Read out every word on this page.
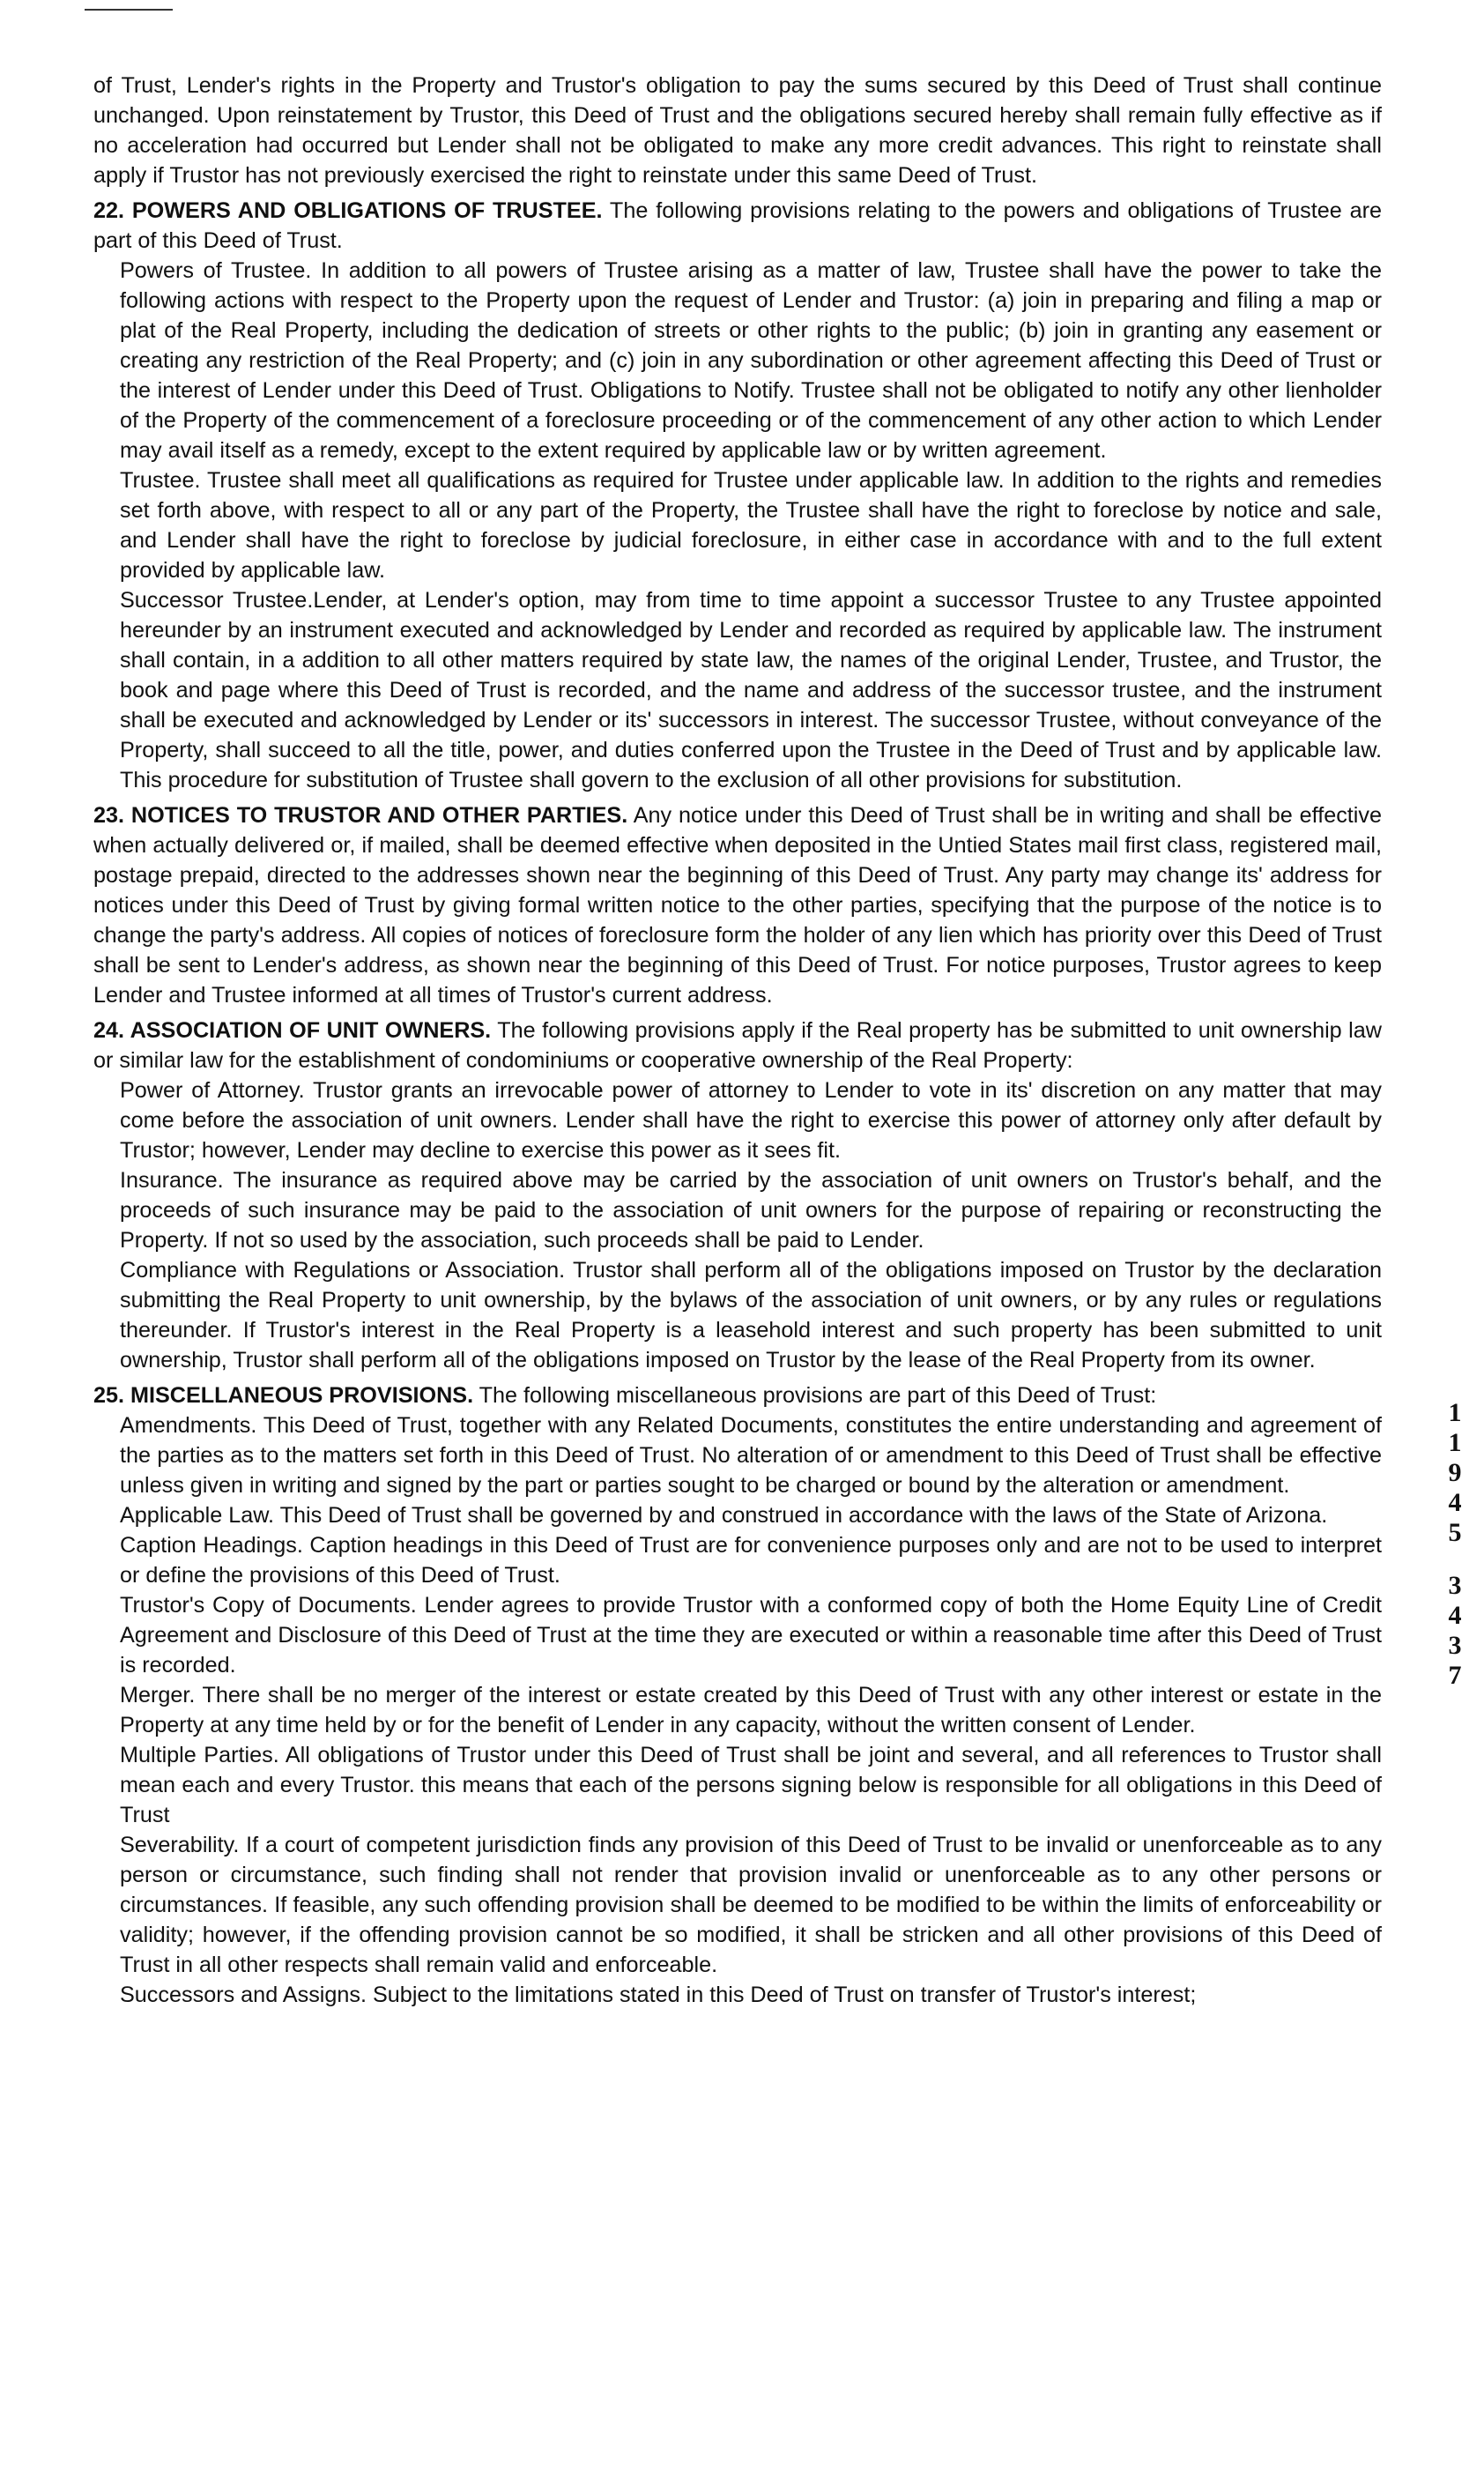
of Trust, Lender's rights in the Property and Trustor's obligation to pay the sums secured by this Deed of Trust shall continue unchanged. Upon reinstatement by Trustor, this Deed of Trust and the obligations secured hereby shall remain fully effective as if no acceleration had occurred but Lender shall not be obligated to make any more credit advances. This right to reinstate shall apply if Trustor has not previously exercised the right to reinstate under this same Deed of Trust.

22. POWERS AND OBLIGATIONS OF TRUSTEE. The following provisions relating to the powers and obligations of Trustee are part of this Deed of Trust.

Powers of Trustee. In addition to all powers of Trustee arising as a matter of law, Trustee shall have the power to take the following actions with respect to the Property upon the request of Lender and Trustor: (a) join in preparing and filing a map or plat of the Real Property, including the dedication of streets or other rights to the public; (b) join in granting any easement or creating any restriction of the Real Property; and (c) join in any subordination or other agreement affecting this Deed of Trust or the interest of Lender under this Deed of Trust. Obligations to Notify. Trustee shall not be obligated to notify any other lienholder of the Property of the commencement of a foreclosure proceeding or of the commencement of any other action to which Lender may avail itself as a remedy, except to the extent required by applicable law or by written agreement.

Trustee. Trustee shall meet all qualifications as required for Trustee under applicable law. In addition to the rights and remedies set forth above, with respect to all or any part of the Property, the Trustee shall have the right to foreclose by notice and sale, and Lender shall have the right to foreclose by judicial foreclosure, in either case in accordance with and to the full extent provided by applicable law.

Successor Trustee.Lender, at Lender's option, may from time to time appoint a successor Trustee to any Trustee appointed hereunder by an instrument executed and acknowledged by Lender and recorded as required by applicable law. The instrument shall contain, in a addition to all other matters required by state law, the names of the original Lender, Trustee, and Trustor, the book and page where this Deed of Trust is recorded, and the name and address of the successor trustee, and the instrument shall be executed and acknowledged by Lender or its' successors in interest. The successor Trustee, without conveyance of the Property, shall succeed to all the title, power, and duties conferred upon the Trustee in the Deed of Trust and by applicable law. This procedure for substitution of Trustee shall govern to the exclusion of all other provisions for substitution.

23. NOTICES TO TRUSTOR AND OTHER PARTIES. Any notice under this Deed of Trust shall be in writing and shall be effective when actually delivered or, if mailed, shall be deemed effective when deposited in the Untied States mail first class, registered mail, postage prepaid, directed to the addresses shown near the beginning of this Deed of Trust. Any party may change its' address for notices under this Deed of Trust by giving formal written notice to the other parties, specifying that the purpose of the notice is to change the party's address. All copies of notices of foreclosure form the holder of any lien which has priority over this Deed of Trust shall be sent to Lender's address, as shown near the beginning of this Deed of Trust. For notice purposes, Trustor agrees to keep Lender and Trustee informed at all times of Trustor's current address.

24. ASSOCIATION OF UNIT OWNERS. The following provisions apply if the Real property has be submitted to unit ownership law or similar law for the establishment of condominiums or cooperative ownership of the Real Property:

Power of Attorney. Trustor grants an irrevocable power of attorney to Lender to vote in its' discretion on any matter that may come before the association of unit owners. Lender shall have the right to exercise this power of attorney only after default by Trustor; however, Lender may decline to exercise this power as it sees fit.

Insurance. The insurance as required above may be carried by the association of unit owners on Trustor's behalf, and the proceeds of such insurance may be paid to the association of unit owners for the purpose of repairing or reconstructing the Property. If not so used by the association, such proceeds shall be paid to Lender.

Compliance with Regulations or Association. Trustor shall perform all of the obligations imposed on Trustor by the declaration submitting the Real Property to unit ownership, by the bylaws of the association of unit owners, or by any rules or regulations thereunder. If Trustor's interest in the Real Property is a leasehold interest and such property has been submitted to unit ownership, Trustor shall perform all of the obligations imposed on Trustor by the lease of the Real Property from its owner.

25. MISCELLANEOUS PROVISIONS. The following miscellaneous provisions are part of this Deed of Trust:

Amendments. This Deed of Trust, together with any Related Documents, constitutes the entire understanding and agreement of the parties as to the matters set forth in this Deed of Trust. No alteration of or amendment to this Deed of Trust shall be effective unless given in writing and signed by the part or parties sought to be charged or bound by the alteration or amendment.

Applicable Law. This Deed of Trust shall be governed by and construed in accordance with the laws of the State of Arizona.

Caption Headings. Caption headings in this Deed of Trust are for convenience purposes only and are not to be used to interpret or define the provisions of this Deed of Trust.

Trustor's Copy of Documents. Lender agrees to provide Trustor with a conformed copy of both the Home Equity Line of Credit Agreement and Disclosure of this Deed of Trust at the time they are executed or within a reasonable time after this Deed of Trust is recorded.

Merger. There shall be no merger of the interest or estate created by this Deed of Trust with any other interest or estate in the Property at any time held by or for the benefit of Lender in any capacity, without the written consent of Lender.

Multiple Parties. All obligations of Trustor under this Deed of Trust shall be joint and several, and all references to Trustor shall mean each and every Trustor. this means that each of the persons signing below is responsible for all obligations in this Deed of Trust

Severability. If a court of competent jurisdiction finds any provision of this Deed of Trust to be invalid or unenforceable as to any person or circumstance, such finding shall not render that provision invalid or unenforceable as to any other persons or circumstances. If feasible, any such offending provision shall be deemed to be modified to be within the limits of enforceability or validity; however, if the offending provision cannot be so modified, it shall be stricken and all other provisions of this Deed of Trust in all other respects shall remain valid and enforceable.

Successors and Assigns. Subject to the limitations stated in this Deed of Trust on transfer of Trustor's interest;

1
1
9
4
5
3
4
3
7
